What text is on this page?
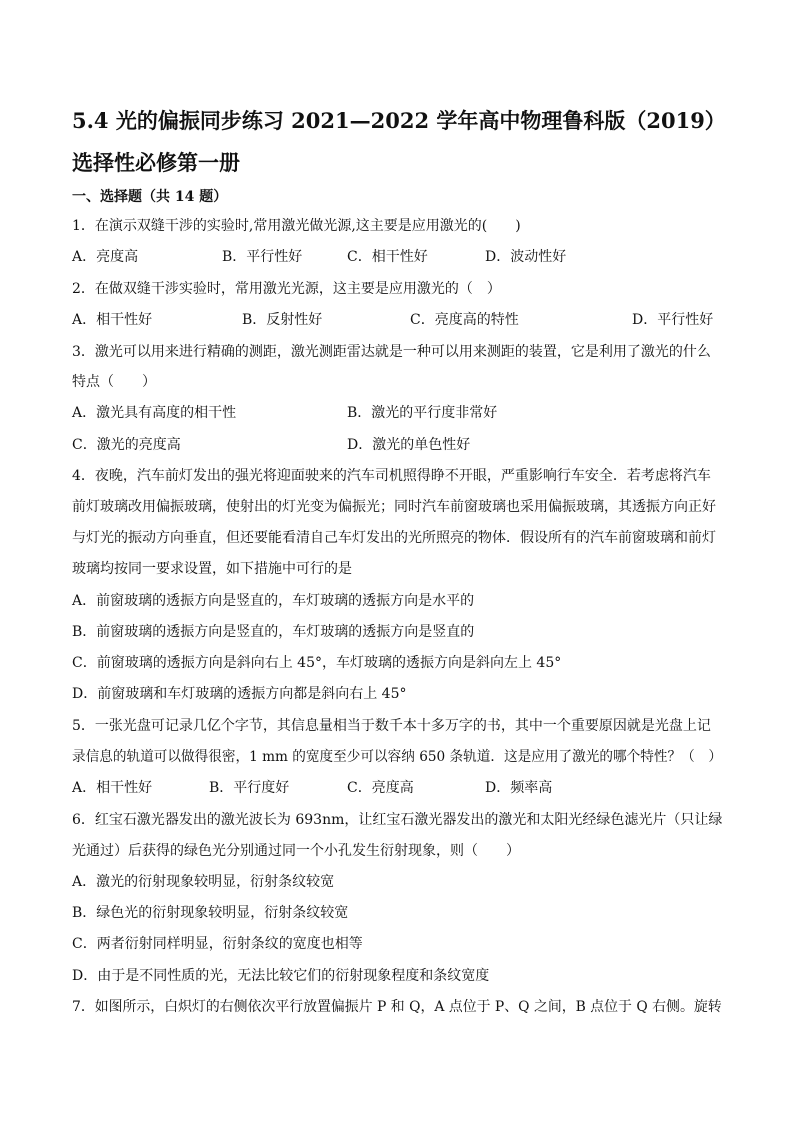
5.4 光的偏振同步练习 2021—2022 学年高中物理鲁科版（2019）选择性必修第一册
一、选择题（共 14 题）
1．在演示双缝干涉的实验时,常用激光做光源,这主要是应用激光的(　　)
A．亮度高	B．平行性好	C．相干性好	D．波动性好
2．在做双缝干涉实验时，常用激光光源，这主要是应用激光的（　）
A．相干性好	B．反射性好	C．亮度高的特性	D．平行性好
3．激光可以用来进行精确的测距，激光测距雷达就是一种可以用来测距的装置，它是利用了激光的什么
特点（　　）
A．激光具有高度的相干性	B．激光的平行度非常好
C．激光的亮度高	D．激光的单色性好
4．夜晚，汽车前灯发出的强光将迎面驶来的汽车司机照得睁不开眼，严重影响行车安全．若考虑将汽车
前灯玻璃改用偏振玻璃，使射出的灯光变为偏振光；同时汽车前窗玻璃也采用偏振玻璃，其透振方向正好
与灯光的振动方向垂直，但还要能看清自己车灯发出的光所照亮的物体．假设所有的汽车前窗玻璃和前灯
玻璃均按同一要求设置，如下措施中可行的是
A．前窗玻璃的透振方向是竖直的，车灯玻璃的透振方向是水平的
B．前窗玻璃的透振方向是竖直的，车灯玻璃的透振方向是竖直的
C．前窗玻璃的透振方向是斜向右上 45°，车灯玻璃的透振方向是斜向左上 45°
D．前窗玻璃和车灯玻璃的透振方向都是斜向右上 45°
5．一张光盘可记录几亿个字节，其信息量相当于数千本十多万字的书，其中一个重要原因就是光盘上记
录信息的轨道可以做得很密，1 mm 的宽度至少可以容纳 650 条轨道．这是应用了激光的哪个特性？（　）
A．相干性好	B．平行度好	C．亮度高	D．频率高
6．红宝石激光器发出的激光波长为 693nm，让红宝石激光器发出的激光和太阳光经绿色滤光片（只让绿
光通过）后获得的绿色光分别通过同一个小孔发生衍射现象，则（　　）
A．激光的衍射现象较明显，衍射条纹较宽
B．绿色光的衍射现象较明显，衍射条纹较宽
C．两者衍射同样明显，衍射条纹的宽度也相等
D．由于是不同性质的光，无法比较它们的衍射现象程度和条纹宽度
7．如图所示，白炽灯的右侧依次平行放置偏振片 P 和 Q，A 点位于 P、Q 之间，B 点位于 Q 右侧。旋转
